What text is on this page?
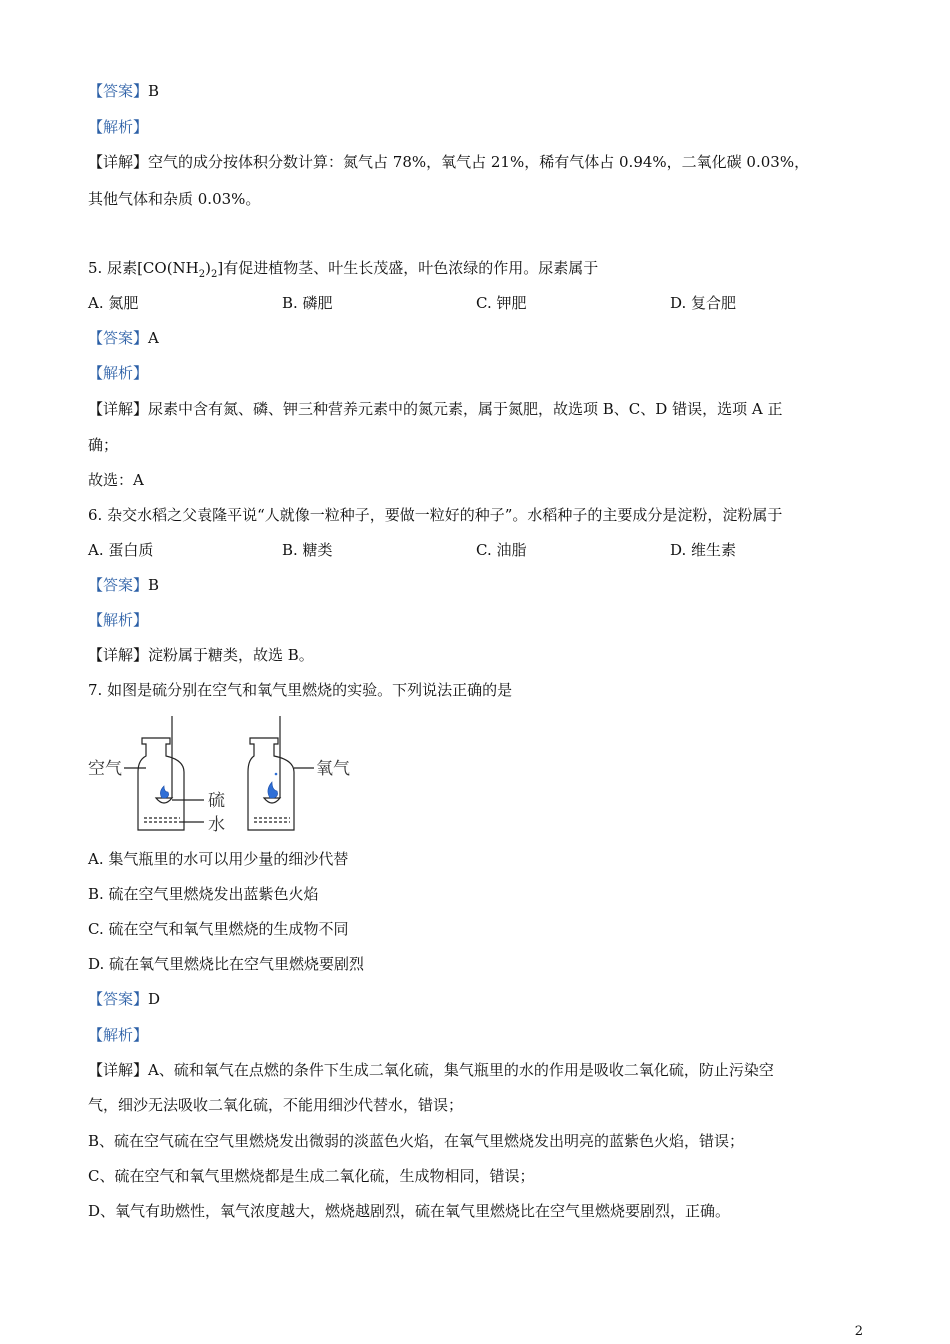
【答案】B
【解析】
【详解】空气的成分按体积分数计算：氮气占 78%，氧气占 21%，稀有气体占 0.94%，二氧化碳 0.03%，
其他气体和杂质 0.03%。
5. 尿素$[CO(NH_2)_2]$有促进植物茎、叶生长茂盛，叶色浓绿的作用。尿素属于
A. 氮肥	B. 磷肥	C. 钾肥	D. 复合肥
【答案】A
【解析】
【详解】尿素中含有氮、磷、钾三种营养元素中的氮元素，属于氮肥，故选项 B、C、D 错误，选项 A 正
确；
故选：A
6. 杂交水稻之父袁隆平说“人就像一粒种子，要做一粒好的种子”。水稻种子的主要成分是淀粉，淀粉属于
A. 蛋白质	B. 糖类	C. 油脂	D. 维生素
【答案】B
【解析】
【详解】淀粉属于糖类，故选 B。
7. 如图是硫分别在空气和氧气里燃烧的实验。下列说法正确的是
空气	氧气
硫
水
A. 集气瓶里的水可以用少量的细沙代替
B. 硫在空气里燃烧发出蓝紫色火焰
C. 硫在空气和氧气里燃烧的生成物不同
D. 硫在氧气里燃烧比在空气里燃烧要剧烈
【答案】D
【解析】
【详解】A、硫和氧气在点燃的条件下生成二氧化硫，集气瓶里的水的作用是吸收二氧化硫，防止污染空
气，细沙无法吸收二氧化硫，不能用细沙代替水，错误；
B、硫在空气硫在空气里燃烧发出微弱的淡蓝色火焰，在氧气里燃烧发出明亮的蓝紫色火焰，错误；
C、硫在空气和氧气里燃烧都是生成二氧化硫，生成物相同，错误；
D、氧气有助燃性，氧气浓度越大，燃烧越剧烈，硫在氧气里燃烧比在空气里燃烧要剧烈，正确。
2
